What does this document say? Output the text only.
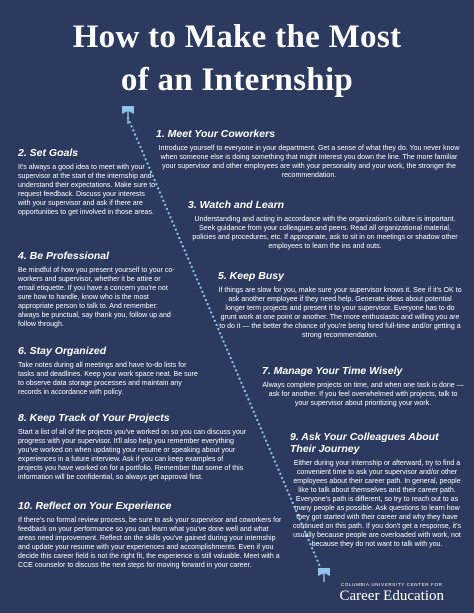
How to Make the Most
of an Internship
1. Meet Your Coworkers

Introduce yourself to everyone in your department. Get a sense of what they do. You never know when someone else is doing something that might interest you down the line. The more familiar your supervisor and other employees are with your personality and your work, the stronger the recommendation.

2. Set Goals

It's always a good idea to meet with your supervisor at the start of the internship and understand their expectations. Make sure to request feedback. Discuss your interests with your supervisor and ask if there are opportunities to get involved in those areas.

3. Watch and Learn

Understanding and acting in accordance with the organization's culture is important. Seek guidance from your colleagues and peers. Read all organizational material, policies and procedures, etc. If appropriate, ask to sit in on meetings or shadow other employees to learn the ins and outs.

4. Be Professional

Be mindful of how you present yourself to your co-workers and supervisor, whether it be attire or email etiquette. If you have a concern you're not sure how to handle, know who is the most appropriate person to talk to. And remember: always be punctual, say thank you, follow up and follow through.

5. Keep Busy

If things are slow for you, make sure your supervisor knows it. See if it's OK to ask another employee if they need help. Generate ideas about potential longer term projects and present it to your supervisor. Everyone has to do grunt work at one point or another. The more enthusiastic and willing you are to do it — the better the chance of you're being hired full-time and/or getting a strong recommendation.

6. Stay Organized

Take notes during all meetings and have to-do lists for tasks and deadlines. Keep your work space neat. Be sure to observe data storage processes and maintain any records in accordance with policy.

7. Manage Your Time Wisely

Always complete projects on time, and when one task is done — ask for another. If you feel overwhelmed with projects, talk to your supervisor about prioritizing your work.

8. Keep Track of Your Projects

Start a list of all of the projects you've worked on so you can discuss your progress with your supervisor. It'll also help you remember everything you've worked on when updating your resume or speaking about your experiences in a future interview. Ask if you can keep examples of projects you have worked on for a portfolio. Remember that some of this information will be confidential, so always get approval first.

9. Ask Your Colleagues About Their Journey

Either during your internship or afterward, try to find a convenient time to ask your supervisor and/or other employees about their career path. In general, people like to talk about themselves and their career path. Everyone's path is different, so try to reach out to as many people as possible. Ask questions to learn how they got started with their career and why they have continued on this path. If you don't get a response, it's usually because people are overloaded with work, not because they do not want to talk with you.

10. Reflect on Your Experience

If there's no formal review process, be sure to ask your supervisor and coworkers for feedback on your performance so you can learn what you've done well and what areas need improvement. Reflect on the skills you've gained during your internship and update your resume with your experiences and accomplishments. Even if you decide this career field is not the right fit, the experience is still valuable. Meet with a CCE counselor to discuss the next steps for moving forward in your career.

COLUMBIA UNIVERSITY CENTER FOR
Career Education
